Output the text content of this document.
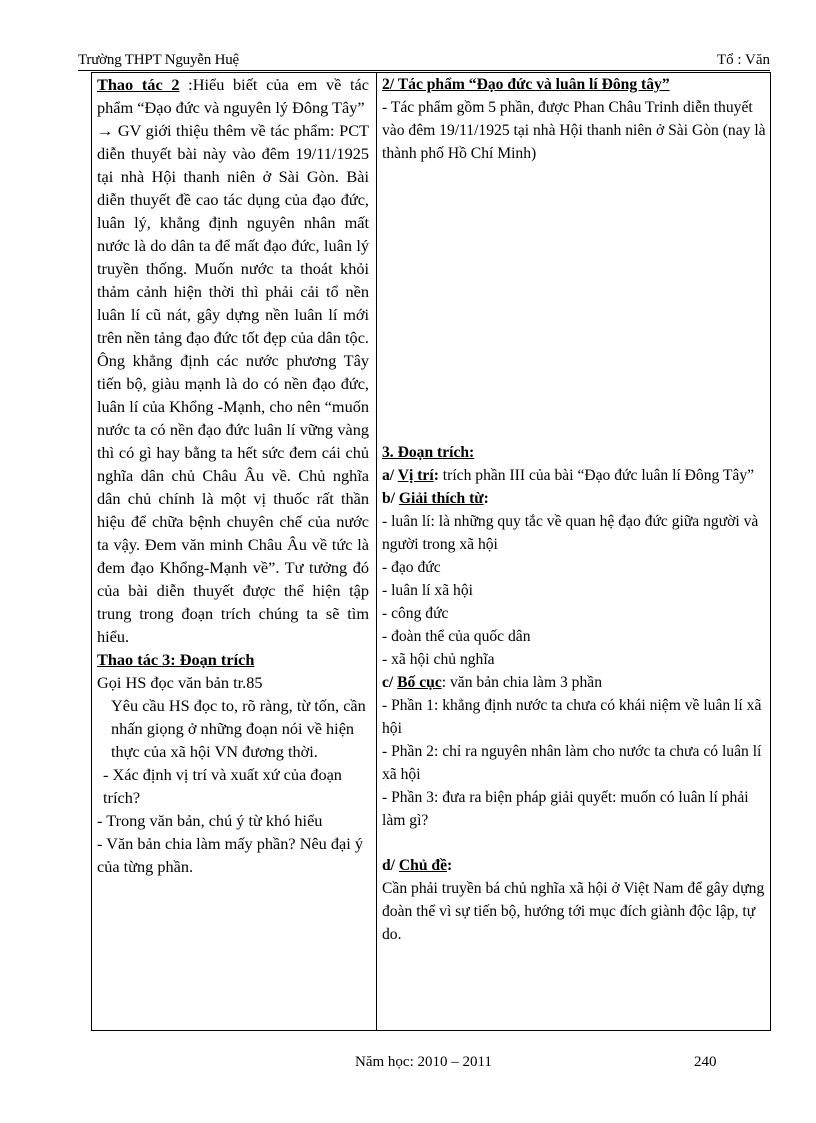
Trường THPT Nguyễn Huệ	Tổ : Văn

Thao tác 2 :Hiểu biết của em về tác phẩm “Đạo đức và nguyên lý Đông Tây”

→ GV giới thiệu thêm về tác phẩm: PCT diễn thuyết bài này vào đêm 19/11/1925 tại nhà Hội thanh niên ở Sài Gòn. Bài diễn thuyết đề cao tác dụng của đạo đức, luân lý, khẳng định nguyên nhân mất nước là do dân ta để mất đạo đức, luân lý truyền thống. Muốn nước ta thoát khỏi thảm cảnh hiện thời thì phải cải tổ nền luân lí cũ nát, gây dựng nền luân lí mới trên nền tảng đạo đức tốt đẹp của dân tộc. Ông khẳng định các nước phương Tây tiến bộ, giàu mạnh là do có nền đạo đức, luân lí của Khổng -Mạnh, cho nên “muốn nước ta có nền đạo đức luân lí vững vàng thì có gì hay bằng ta hết sức đem cái chủ nghĩa dân chủ Châu Âu về. Chủ nghĩa dân chủ chính là một vị thuốc rất thần hiệu để chữa bệnh chuyên chế của nước ta vậy. Đem văn minh Châu Âu về tức là đem đạo Khổng-Mạnh về”. Tư tưởng đó của bài diễn thuyết được thể hiện tập trung trong đoạn trích chúng ta sẽ tìm hiểu.

Thao tác 3: Đoạn trích

Gọi HS đọc văn bản tr.85

Yêu cầu HS đọc to, rõ ràng, từ tốn, cần nhấn giọng ở những đoạn nói về hiện thực của xã hội VN đương thời.

- Xác định vị trí và xuất xứ của đoạn trích?

- Trong văn bản, chú ý từ khó hiểu

- Văn bản chia làm mấy phần? Nêu đại ý của từng phần.

2/ Tác phẩm “Đạo đức và luân lí Đông tây”

- Tác phẩm gồm 5 phần, được Phan Châu Trinh diễn thuyết vào đêm 19/11/1925 tại nhà Hội thanh niên ở Sài Gòn (nay là thành phố Hồ Chí Minh)

3. Đoạn trích:

a/ Vị trí: trích phần III của bài “Đạo đức luân lí Đông Tây”

b/ Giải thích từ:

- luân lí: là những quy tắc về quan hệ đạo đức giữa người và người trong xã hội

- đạo đức

- luân lí xã hội

- công đức

- đoàn thể của quốc dân

- xã hội chủ nghĩa

c/ Bố cục: văn bản chia làm 3 phần

- Phần 1: khẳng định nước ta chưa có khái niệm về luân lí xã hội

- Phần 2: chỉ ra nguyên nhân làm cho nước ta chưa có luân lí xã hội

- Phần 3: đưa ra biện pháp giải quyết: muốn có luân lí phải làm gì?

d/ Chủ đề:

Cần phải truyền bá chủ nghĩa xã hội ở Việt Nam để gây dựng đoàn thể vì sự tiến bộ, hướng tới mục đích giành độc lập, tự do.

Năm học: 2010 – 2011	240
